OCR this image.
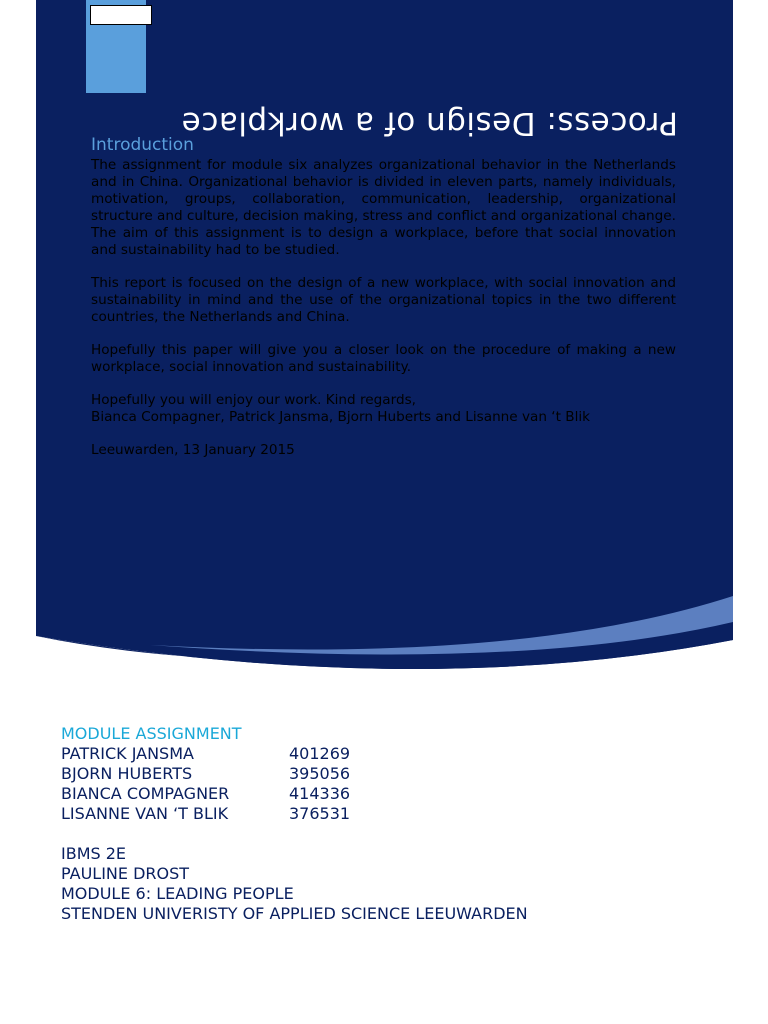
Process: Design of a workplace
Introduction

The assignment for module six analyzes organizational behavior in the Netherlands and in China. Organizational behavior is divided in eleven parts, namely individuals, motivation, groups, collaboration, communication, leadership, organizational structure and culture, decision making, stress and conflict and organizational change. The aim of this assignment is to design a workplace, before that social innovation and sustainability had to be studied.

This report is focused on the design of a new workplace, with social innovation and sustainability in mind and the use of the organizational topics in the two different countries, the Netherlands and China.

Hopefully this paper will give you a closer look on the procedure of making a new workplace, social innovation and sustainability.

Hopefully you will enjoy our work. Kind regards,

Bianca Compagner, Patrick Jansma, Bjorn Huberts and Lisanne van ‘t Blik

Leeuwarden, 13 January 2015

MODULE ASSIGNMENT
PATRICK JANSMA	401269
BJORN HUBERTS	395056
BIANCA COMPAGNER	414336
LISANNE VAN ‘T BLIK	376531
IBMS 2E
PAULINE DROST
MODULE 6: LEADING PEOPLE
STENDEN UNIVERISTY OF APPLIED SCIENCE LEEUWARDEN
